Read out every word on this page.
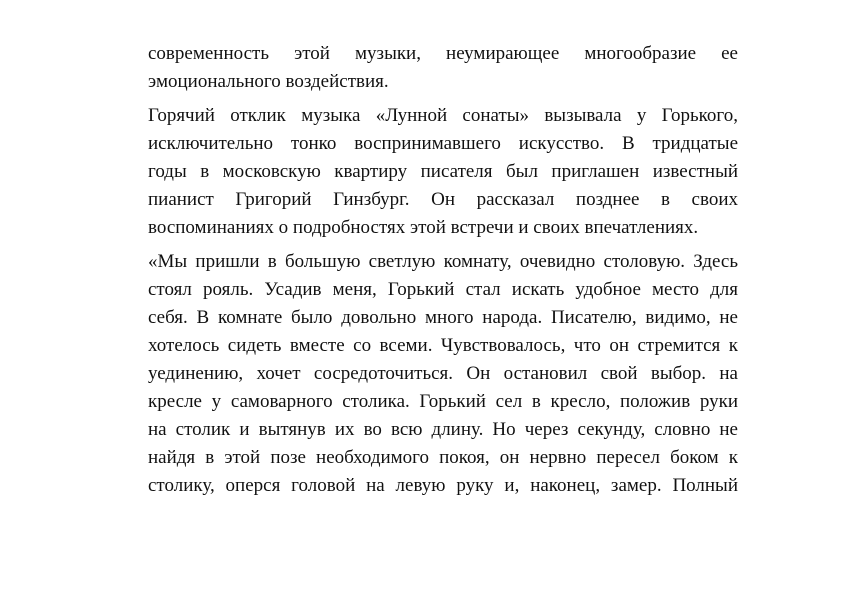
современность этой музыки, неумирающее многообразие ее
эмоционального воздействия.
Горячий отклик музыка «Лунной сонаты» вызывала у Горького,
исключительно тонко воспринимавшего искусство. В тридцатые
годы в московскую квартиру писателя был приглашен известный
пианист Григорий Гинзбург. Он рассказал позднее в своих
воспоминаниях о подробностях этой встречи и своих впечатлениях.
«Мы пришли в большую светлую комнату, очевидно столовую. Здесь
стоял рояль. Усадив меня, Горький стал искать удобное место для
себя. В комнате было довольно много народа. Писателю, видимо, не
хотелось сидеть вместе со всеми. Чувствовалось, что он стремится к
уединению, хочет сосредоточиться. Он остановил свой выбор. на
кресле у самоварного столика. Горький сел в кресло, положив руки
на столик и вытянув их во всю длину. Но через секунду, словно не
найдя в этой позе необходимого покоя, он нервно пересел боком к
столику, оперся головой на левую руку и, наконец, замер. Полный
